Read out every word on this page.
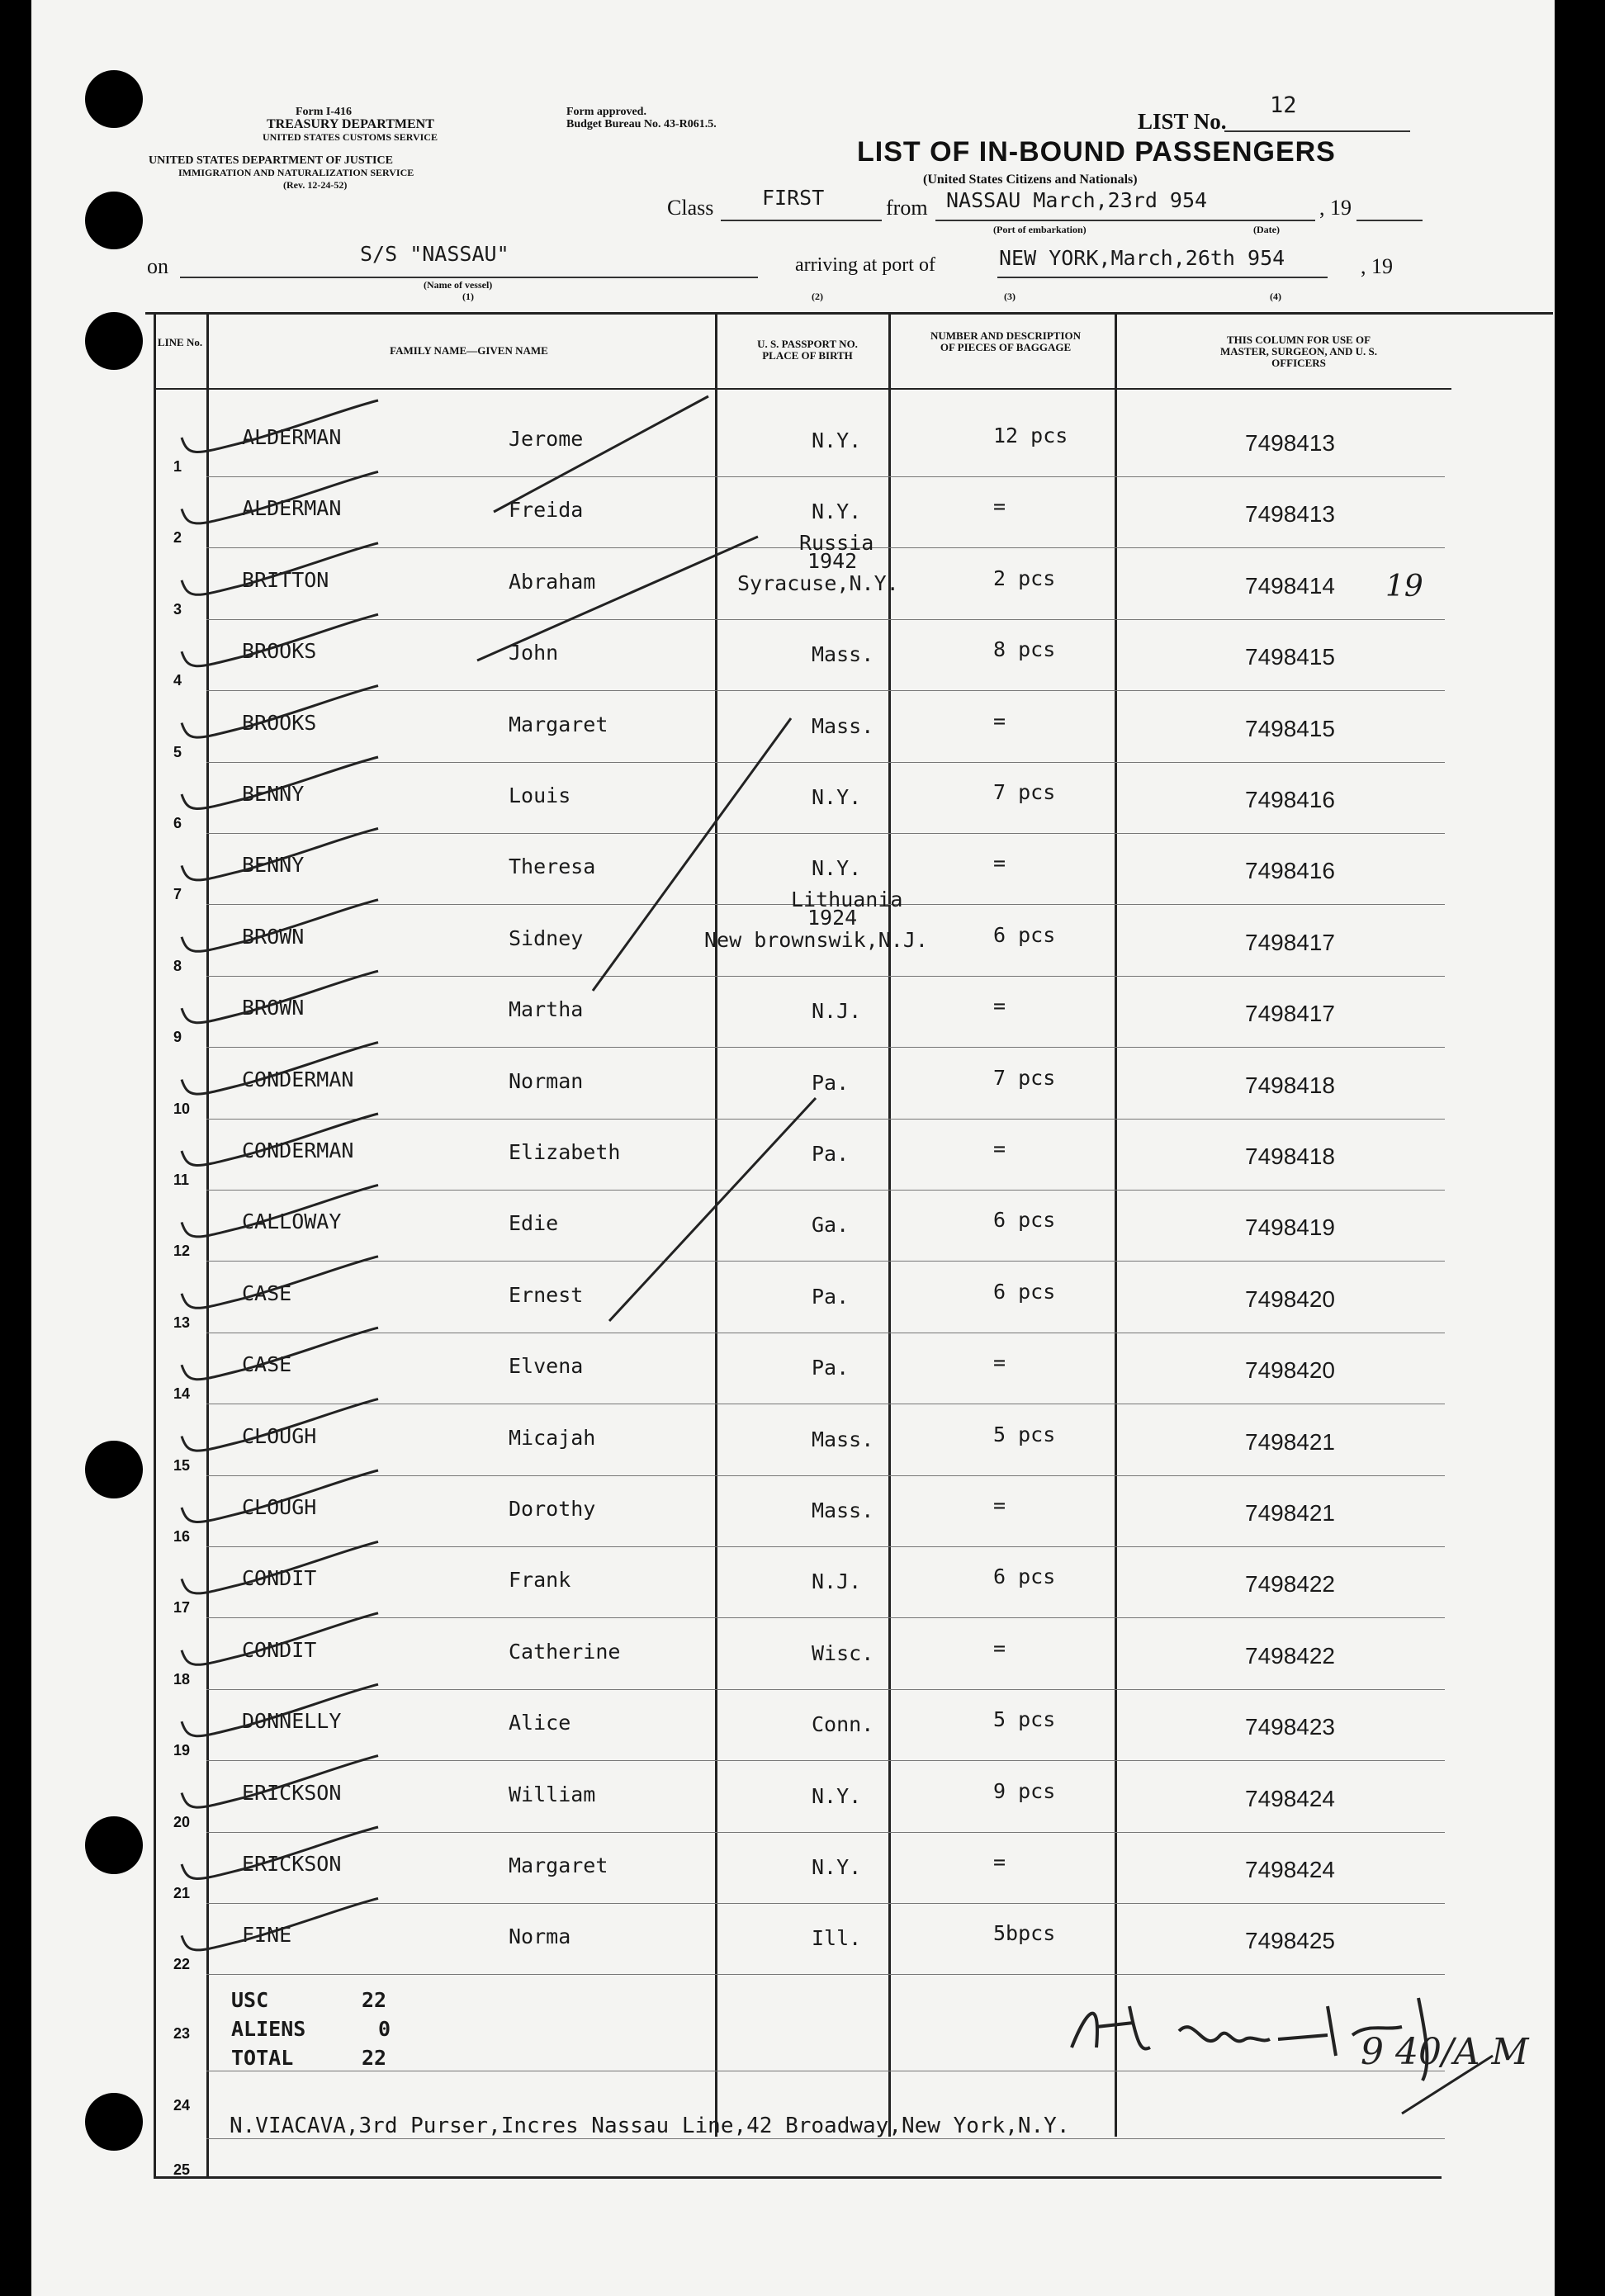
Form I-416
TREASURY DEPARTMENT
UNITED STATES CUSTOMS SERVICE
UNITED STATES DEPARTMENT OF JUSTICE
IMMIGRATION AND NATURALIZATION SERVICE
(Rev. 12-24-52)
Form approved.
Budget Bureau No. 43-R061.5.	LIST No.
12
LIST OF IN-BOUND PASSENGERS
(United States Citizens and Nationals)
Class FIRST	from NASSAU March,23rd 954	, 19
(Port of embarkation)	(Date)
on
S/S "NASSAU"
(Name of vessel)
(1)
arriving at port of	NEW YORK,March,26th 954	, 19
(2)	(3)	(4)
LINE No.
FAMILY NAME—GIVEN NAME
U. S. PASSPORT NO. PLACE OF BIRTH
NUMBER AND DESCRIPTION OF PIECES OF BAGGAGE
THIS COLUMN FOR USE OF MASTER, SURGEON, AND U. S. OFFICERS
1
ALDERMAN	Jerome	N.Y.	12 pcs	7498413
2
ALDERMAN	Freida	N.Y.	=	7498413
3
BRITTON	Abraham
Russia
1942
Syracuse,N.Y.	2 pcs	7498414 19
4
BROOKS	John	Mass.	8 pcs	7498415
5
BROOKS	Margaret	Mass.	=	7498415
6
BENNY	Louis	N.Y.	7 pcs	7498416
7
BENNY	Theresa	N.Y.	=	7498416
8
BROWN	Sidney
Lithuania
1924
New brownswik,N.J.	6 pcs	7498417
9
BROWN	Martha	N.J.	=	7498417
10
CONDERMAN	Norman	Pa.	7 pcs	7498418
11
CONDERMAN	Elizabeth	Pa.	=	7498418
12
CALLOWAY	Edie	Ga.	6 pcs	7498419
13
CASE	Ernest	Pa.	6 pcs	7498420
14
CASE	Elvena	Pa.	=	7498420
15
CLOUGH	Micajah	Mass.	5 pcs	7498421
16
CLOUGH	Dorothy	Mass.	=	7498421
17
CONDIT	Frank	N.J.	6 pcs	7498422
18
CONDIT	Catherine	Wisc.	=	7498422
19
DONNELLY	Alice	Conn.	5 pcs	7498423
20
ERICKSON	William	N.Y.	9 pcs	7498424
21
ERICKSON	Margaret	N.Y.	=	7498424
22
FINE	Norma	Ill.	5bpcs	7498425
USC	22
ALIENS	0
TOTAL	22
23
24
25
N.VIACAVA,3rd Purser,Incres Nassau Line,42 Broadway,New York,N.Y.
9 40/A M
